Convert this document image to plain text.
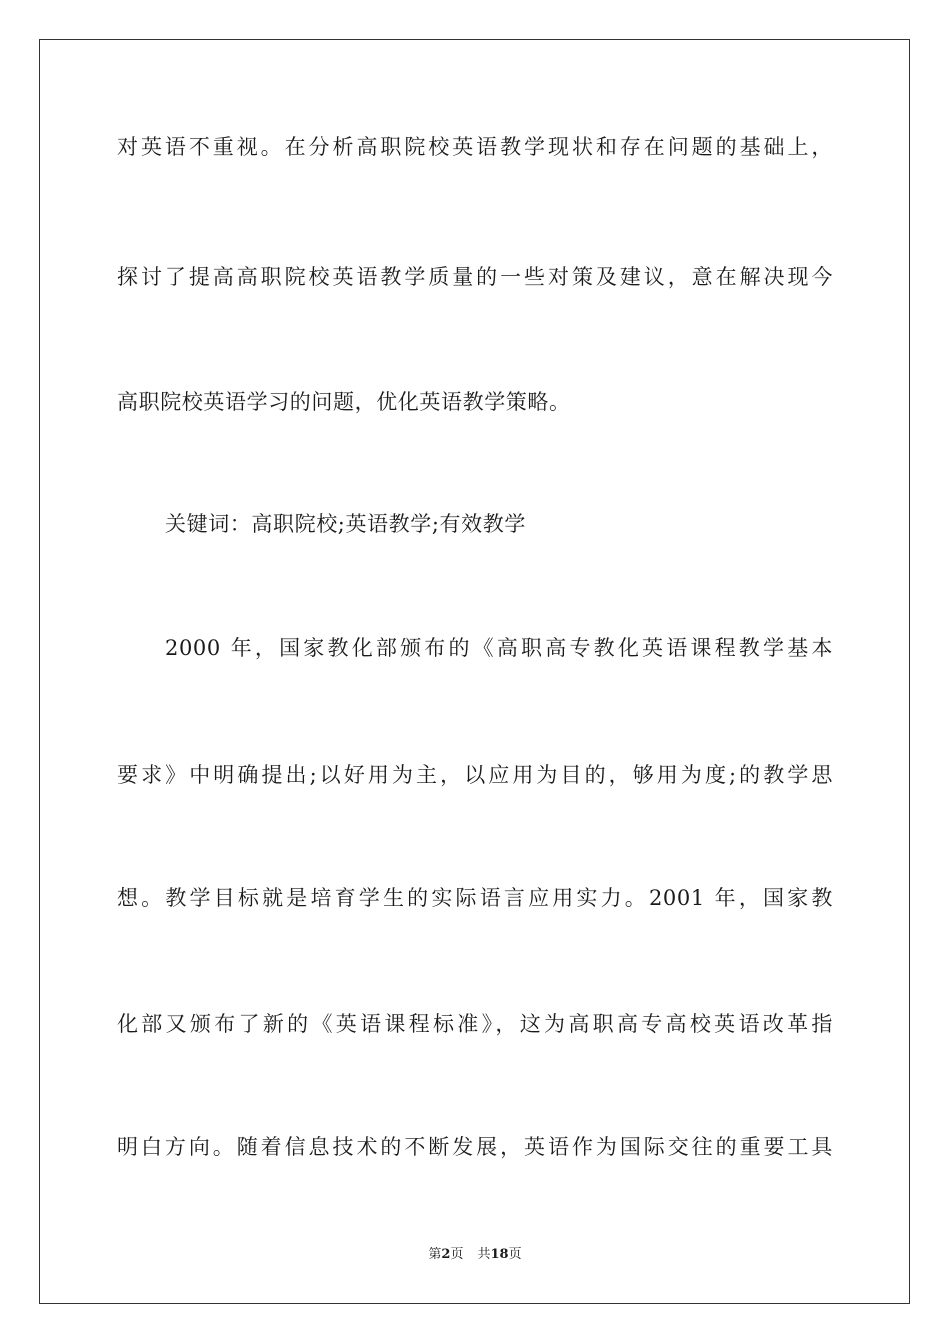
对英语不重视。在分析高职院校英语教学现状和存在问题的基础上，
探讨了提高高职院校英语教学质量的一些对策及建议，意在解决现今
高职院校英语学习的问题，优化英语教学策略。
关键词：高职院校;英语教学;有效教学
2000 年，国家教化部颁布的《高职高专教化英语课程教学基本
要求》中明确提出;以好用为主，以应用为目的，够用为度;的教学思
想。教学目标就是培育学生的实际语言应用实力。2001 年，国家教
化部又颁布了新的《英语课程标准》，这为高职高专高校英语改革指
明白方向。随着信息技术的不断发展，英语作为国际交往的重要工具
第2页 共18页
